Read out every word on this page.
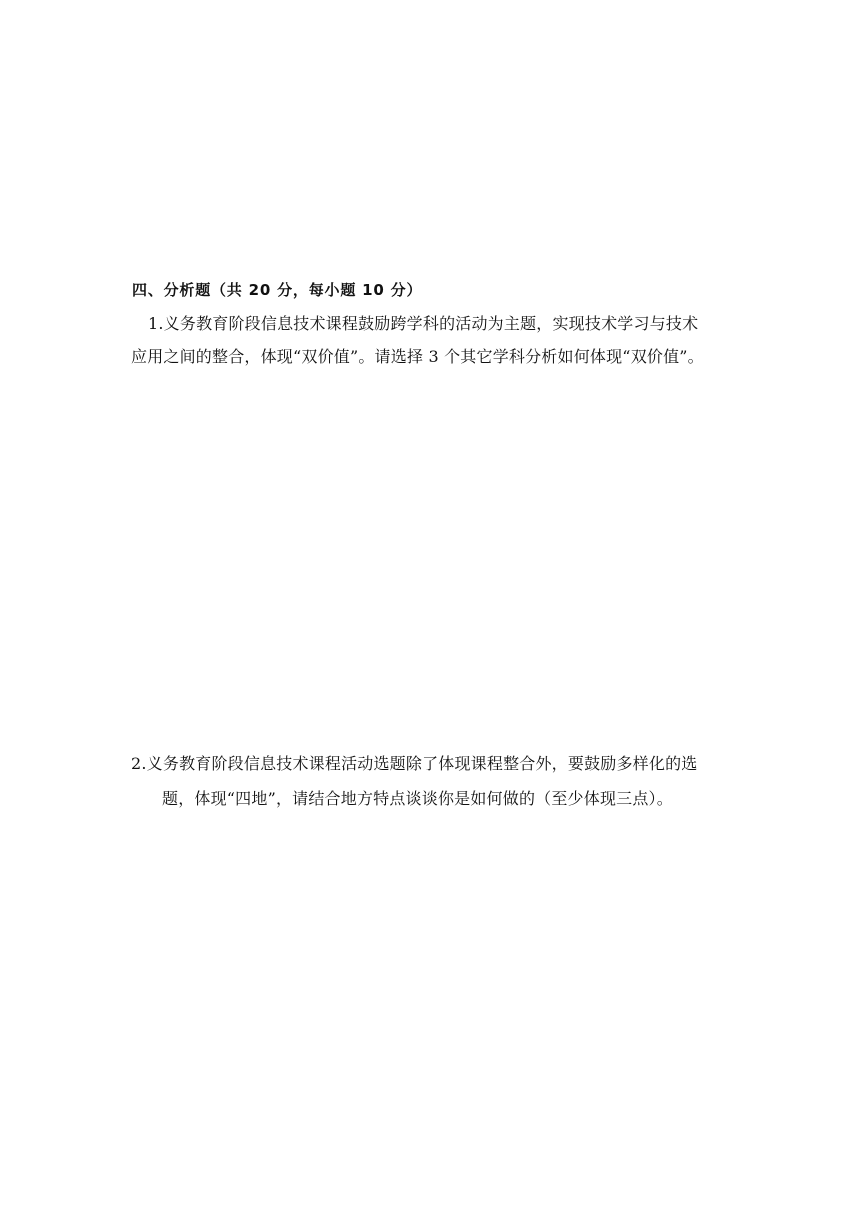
四、分析题（共 20 分，每小题 10 分）
1.义务教育阶段信息技术课程鼓励跨学科的活动为主题，实现技术学习与技术
应用之间的整合，体现“双价值”。请选择 3 个其它学科分析如何体现“双价值”。
2.义务教育阶段信息技术课程活动选题除了体现课程整合外，要鼓励多样化的选
题，体现“四地”，请结合地方特点谈谈你是如何做的（至少体现三点）。
